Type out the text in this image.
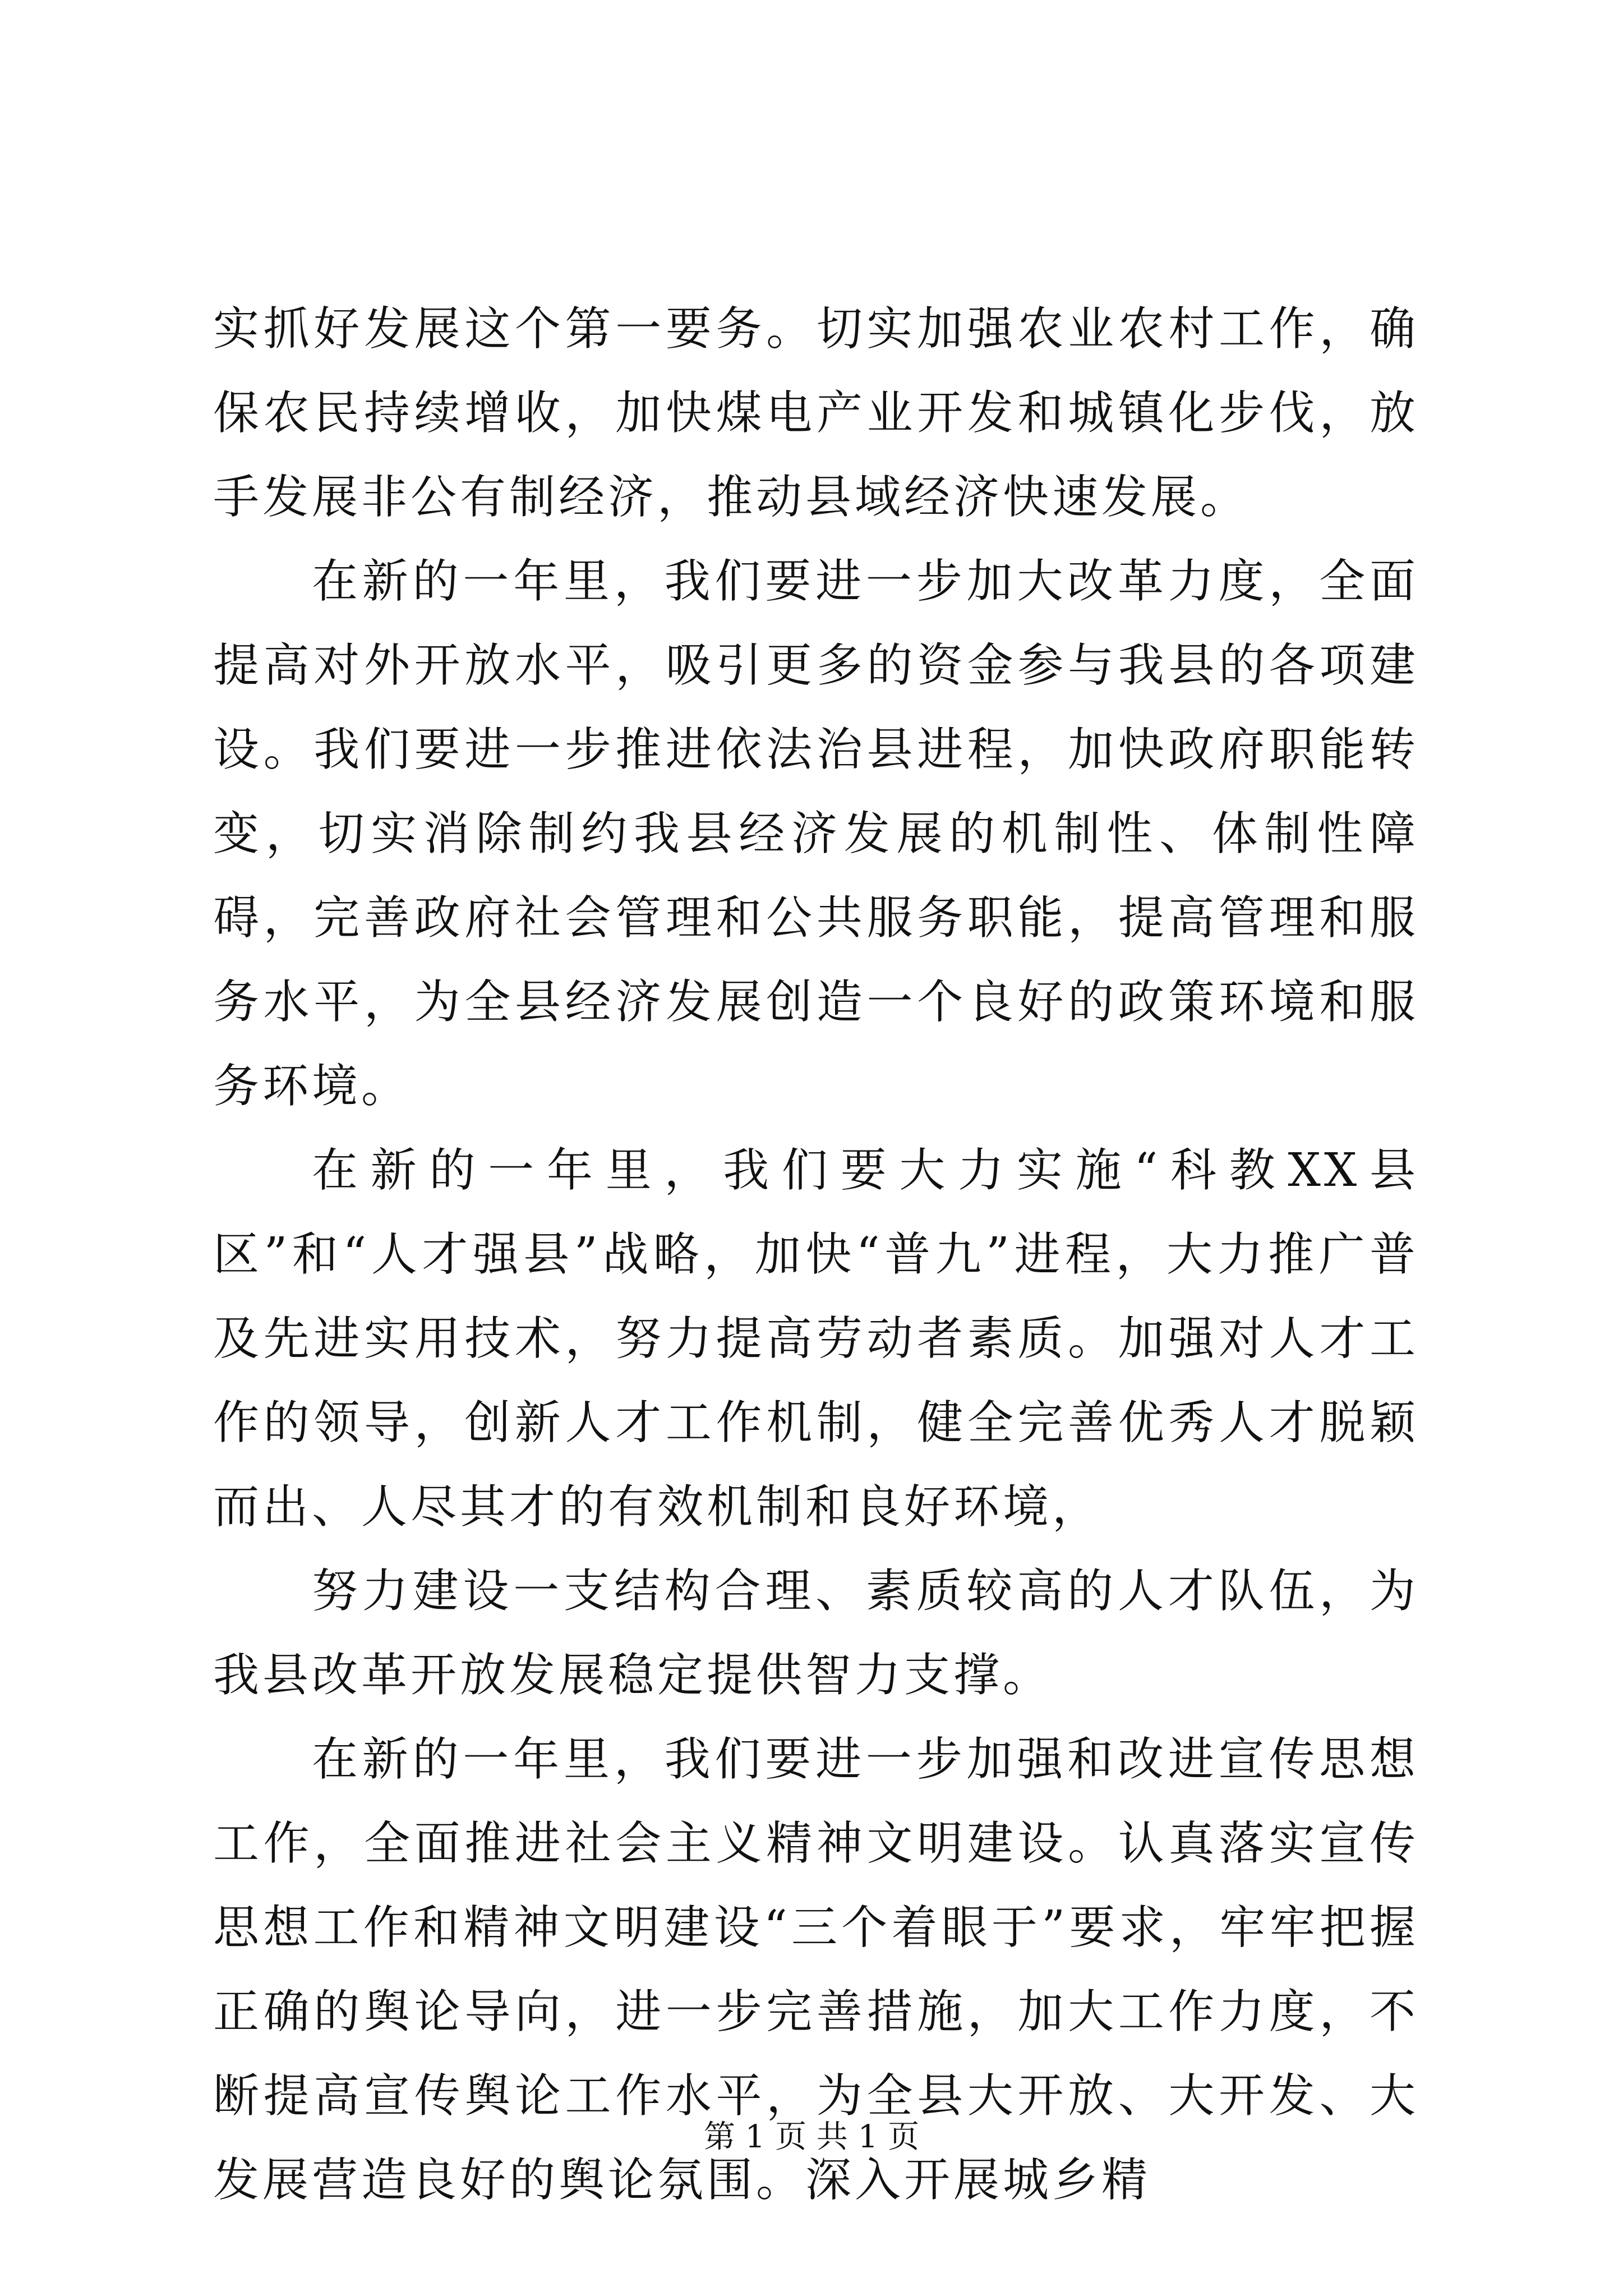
实抓好发展这个第一要务。切实加强农业农村工作，确保农民持续增收，加快煤电产业开发和城镇化步伐，放手发展非公有制经济，推动县域经济快速发展。

在新的一年里，我们要进一步加大改革力度，全面提高对外开放水平，吸引更多的资金参与我县的各项建设。我们要进一步推进依法治县进程，加快政府职能转变，切实消除制约我县经济发展的机制性、体制性障碍，完善政府社会管理和公共服务职能，提高管理和服务水平，为全县经济发展创造一个良好的政策环境和服务环境。

在新的一年里，我们要大力实施“科教XX县区”和“人才强县”战略，加快“普九”进程，大力推广普及先进实用技术，努力提高劳动者素质。加强对人才工作的领导，创新人才工作机制，健全完善优秀人才脱颖而出、人尽其才的有效机制和良好环境，

努力建设一支结构合理、素质较高的人才队伍，为我县改革开放发展稳定提供智力支撑。

在新的一年里，我们要进一步加强和改进宣传思想工作，全面推进社会主义精神文明建设。认真落实宣传思想工作和精神文明建设“三个着眼于”要求，牢牢把握正确的舆论导向，进一步完善措施，加大工作力度，不断提高宣传舆论工作水平，为全县大开放、大开发、大发展营造良好的舆论氛围。深入开展城乡精

第 1 页 共 1 页
